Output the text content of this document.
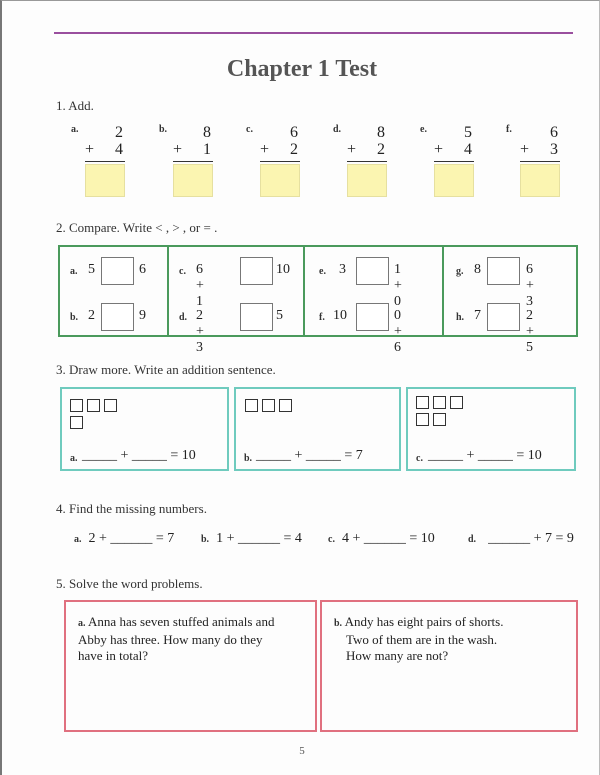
Chapter 1 Test
1. Add.
a. 2
+ 4
b. 8
+ 1
c. 6
+ 2
d. 8
+ 2
e. 5
+ 4
f. 6
+ 3
2. Compare. Write < , > , or = .
a. 5	6
b. 2	9
c. 6 + 1
10
d. 2 + 3
5
e. 3	1 + 0
f. 10	0 + 6
g. 8	6 + 3
h. 7	2 + 5
3. Draw more. Write an addition sentence.
a. _____ + _____ = 10	b. _____ + _____ = 7	c. _____ + _____ = 10
4. Find the missing numbers.
a. 2 + ______ = 7	b. 1 + ______ = 4	c. 4 + ______ = 10	d. ______ + 7 = 9
5. Solve the word problems.
a. Anna has seven stuffed animals and
Abby has three. How many do they
have in total?
b. Andy has eight pairs of shorts.
Two of them are in the wash.
How many are not?
5
